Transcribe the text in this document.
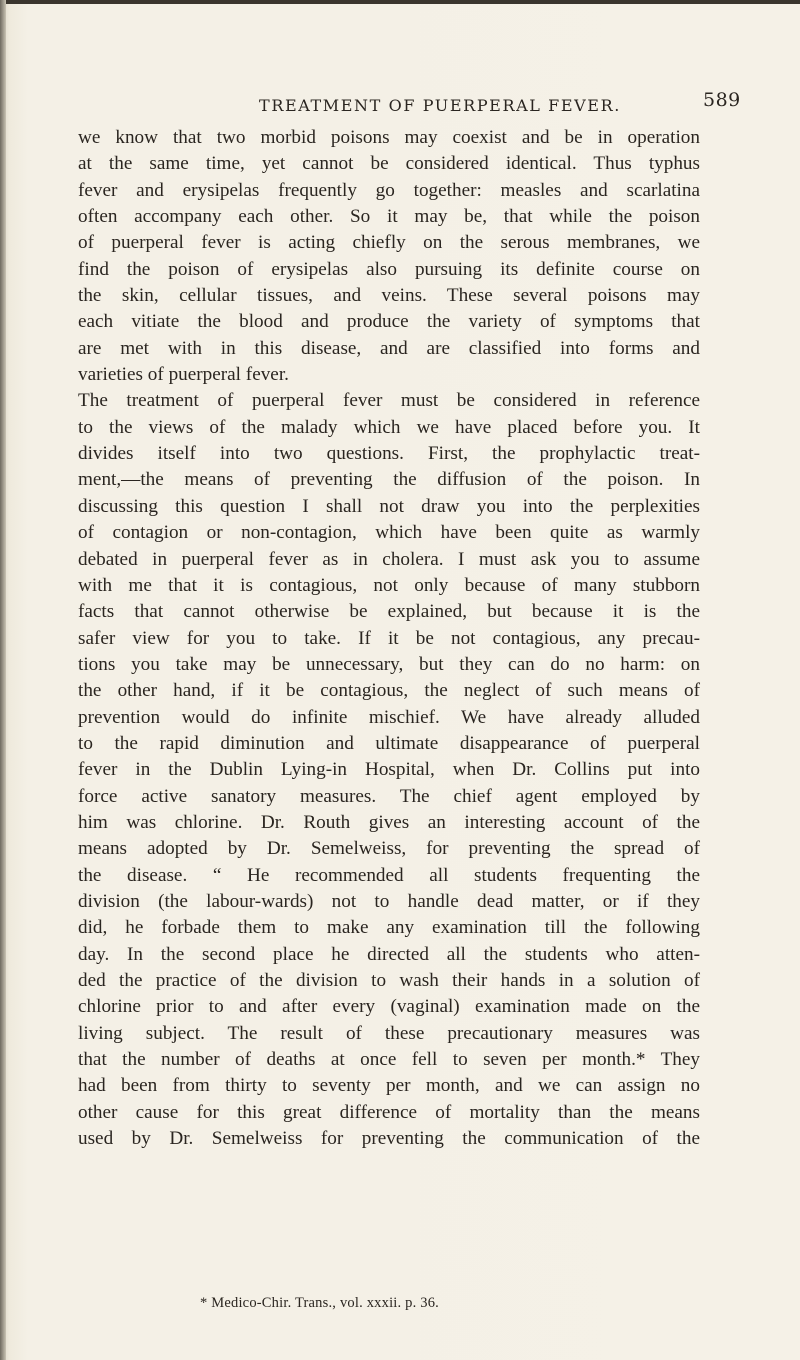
TREATMENT OF PUERPERAL FEVER.	589
we know that two morbid poisons may coexist and be in operation
at the same time, yet cannot be considered identical. Thus typhus
fever and erysipelas frequently go together: measles and scarlatina
often accompany each other. So it may be, that while the poison
of puerperal fever is acting chiefly on the serous membranes, we
find the poison of erysipelas also pursuing its definite course on
the skin, cellular tissues, and veins. These several poisons may
each vitiate the blood and produce the variety of symptoms that
are met with in this disease, and are classified into forms and
varieties of puerperal fever.
The treatment of puerperal fever must be considered in reference
to the views of the malady which we have placed before you. It
divides itself into two questions. First, the prophylactic treat-
ment,—the means of preventing the diffusion of the poison. In
discussing this question I shall not draw you into the perplexities
of contagion or non-contagion, which have been quite as warmly
debated in puerperal fever as in cholera. I must ask you to assume
with me that it is contagious, not only because of many stubborn
facts that cannot otherwise be explained, but because it is the
safer view for you to take. If it be not contagious, any precau-
tions you take may be unnecessary, but they can do no harm: on
the other hand, if it be contagious, the neglect of such means of
prevention would do infinite mischief. We have already alluded
to the rapid diminution and ultimate disappearance of puerperal
fever in the Dublin Lying-in Hospital, when Dr. Collins put into
force active sanatory measures. The chief agent employed by
him was chlorine. Dr. Routh gives an interesting account of the
means adopted by Dr. Semelweiss, for preventing the spread of
the disease. “ He recommended all students frequenting the
division (the labour-wards) not to handle dead matter, or if they
did, he forbade them to make any examination till the following
day. In the second place he directed all the students who atten-
ded the practice of the division to wash their hands in a solution of
chlorine prior to and after every (vaginal) examination made on the
living subject. The result of these precautionary measures was
that the number of deaths at once fell to seven per month.* They
had been from thirty to seventy per month, and we can assign no
other cause for this great difference of mortality than the means
used by Dr. Semelweiss for preventing the communication of the
* Medico-Chir. Trans., vol. xxxii. p. 36.
